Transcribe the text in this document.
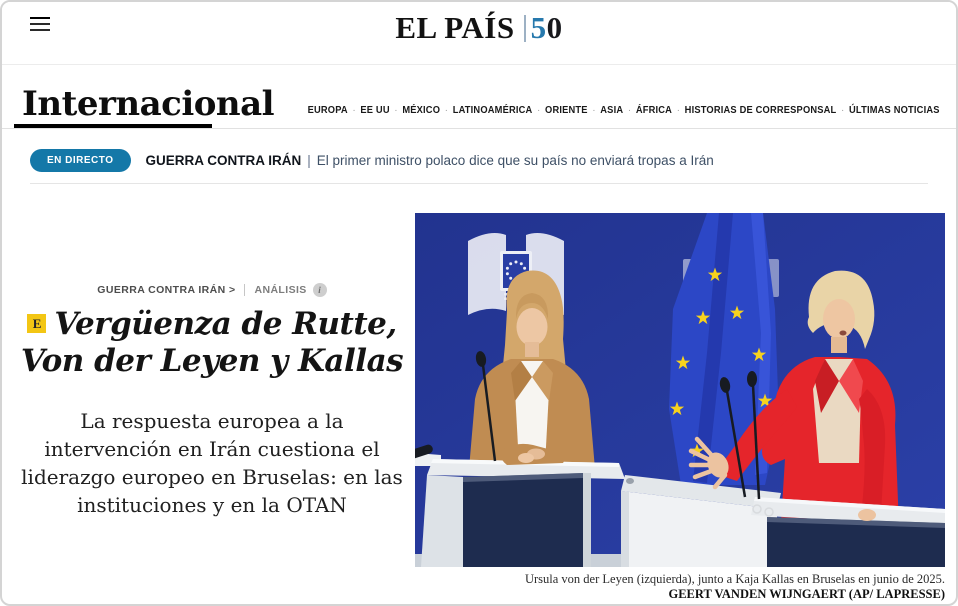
EL PAÍS 50
Internacional	EUROPA · EE UU · MÉXICO · LATINOAMÉRICA · ORIENTE · ASIA · ÁFRICA · HISTORIAS DE CORRESPONSAL · ÚLTIMAS NOTICIAS
EN DIRECTO	GUERRA CONTRA IRÁN | El primer ministro polaco dice que su país no enviará tropas a Irán
GUERRA CONTRA IRÁN > ANÁLISIS	i
E Vergüenza de Rutte, Von der Leyen y Kallas
La respuesta europea a la intervención en Irán cuestiona el liderazgo europeo en Bruselas: en las instituciones y en la OTAN
Ursula von der Leyen (izquierda), junto a Kaja Kallas en Bruselas en junio de 2025.
GEERT VANDEN WIJNGAERT (AP/ LAPRESSE)
